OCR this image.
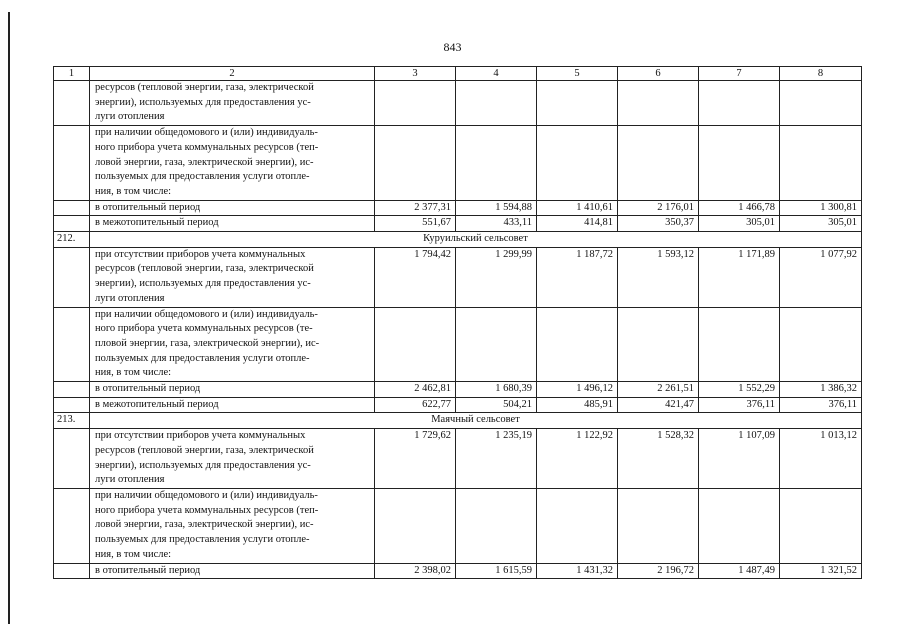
843
1	2	3	4	5	6	7	8

	ресурсов (тепловой энергии, газа, электрической
энергии), используемых для предоставления ус-
луги отопления						

	при наличии общедомового и (или) индивидуаль-
ного прибора учета коммунальных ресурсов (теп-
ловой энергии, газа, электрической энергии), ис-
пользуемых для предоставления услуги отопле-
ния, в том числе:						

	в отопительный период	2 377,31	1 594,88	1 410,61	2 176,01	1 466,78	1 300,81

	в межотопительный период	551,67	433,11	414,81	350,37	305,01	305,01
212.	Куруильский сельсовет						

	при отсутствии приборов учета коммунальных
ресурсов (тепловой энергии, газа, электрической
энергии), используемых для предоставления ус-
луги отопления	1 794,42	1 299,99	1 187,72	1 593,12	1 171,89	1 077,92

	при наличии общедомового и (или) индивидуаль-
ного прибора учета коммунальных ресурсов (те-
пловой энергии, газа, электрической энергии), ис-
пользуемых для предоставления услуги отопле-
ния, в том числе:						

	в отопительный период	2 462,81	1 680,39	1 496,12	2 261,51	1 552,29	1 386,32

	в межотопительный период	622,77	504,21	485,91	421,47	376,11	376,11
213.	Маячный сельсовет						

	при отсутствии приборов учета коммунальных
ресурсов (тепловой энергии, газа, электрической
энергии), используемых для предоставления ус-
луги отопления	1 729,62	1 235,19	1 122,92	1 528,32	1 107,09	1 013,12

	при наличии общедомового и (или) индивидуаль-
ного прибора учета коммунальных ресурсов (теп-
ловой энергии, газа, электрической энергии), ис-
пользуемых для предоставления услуги отопле-
ния, в том числе:						

	в отопительный период	2 398,02	1 615,59	1 431,32	2 196,72	1 487,49	1 321,52
